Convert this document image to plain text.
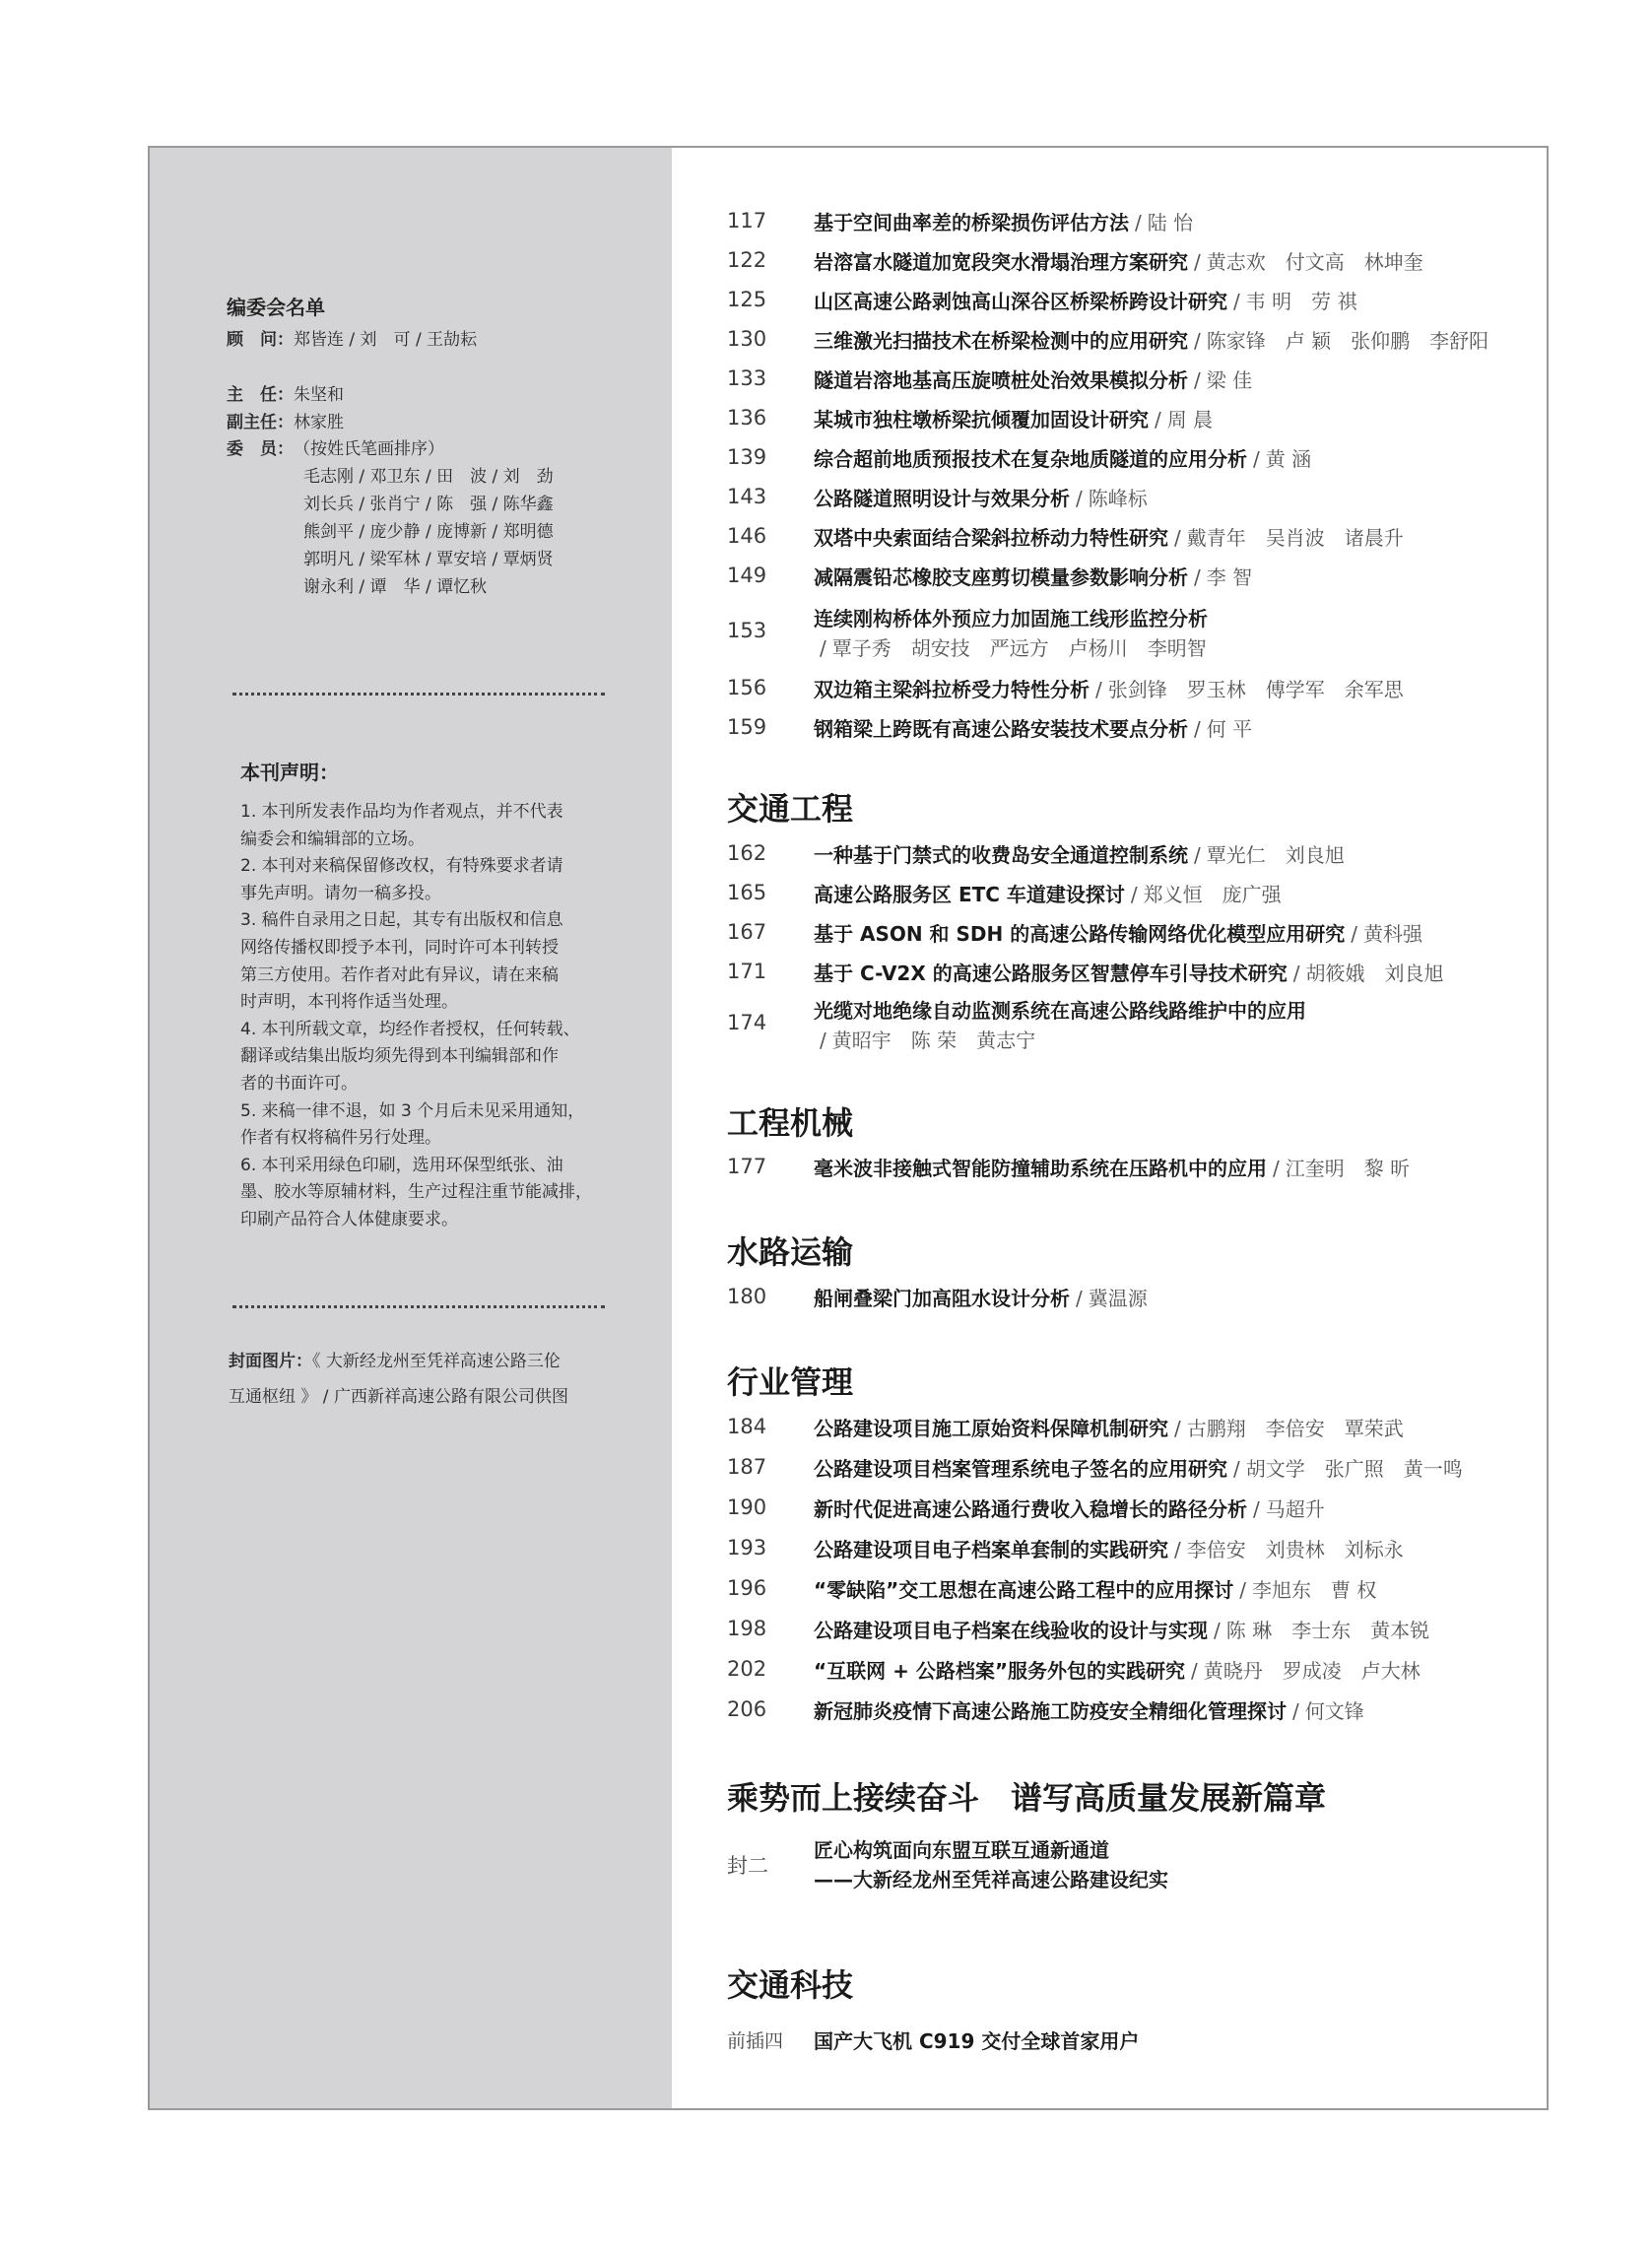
编委会名单
顾　问：郑皆连 / 刘　可 / 王劼耘
主　任：朱坚和
副主任：林家胜
委　员：（按姓氏笔画排序）
毛志刚 / 邓卫东 / 田　波 / 刘　劲
刘长兵 / 张肖宁 / 陈　强 / 陈华鑫
熊剑平 / 庞少静 / 庞博新 / 郑明德
郭明凡 / 梁军林 / 覃安培 / 覃炳贤
谢永利 / 谭　华 / 谭忆秋
本刊声明：

1. 本刊所发表作品均为作者观点，并不代表

编委会和编辑部的立场。

2. 本刊对来稿保留修改权，有特殊要求者请

事先声明。请勿一稿多投。

3. 稿件自录用之日起，其专有出版权和信息

网络传播权即授予本刊，同时许可本刊转授

第三方使用。若作者对此有异议，请在来稿

时声明，本刊将作适当处理。

4. 本刊所载文章，均经作者授权，任何转载、

翻译或结集出版均须先得到本刊编辑部和作

者的书面许可。

5. 来稿一律不退，如 3 个月后未见采用通知，

作者有权将稿件另行处理。

6. 本刊采用绿色印刷，选用环保型纸张、油

墨、胶水等原辅材料，生产过程注重节能减排，

印刷产品符合人体健康要求。

封面图片：《 大新经龙州至凭祥高速公路三伦
互通枢纽 》 / 广西新祥高速公路有限公司供图
117	基于空间曲率差的桥梁损伤评估方法 / 陆 怡
122	岩溶富水隧道加宽段突水滑塌治理方案研究 / 黄志欢　付文高　林坤奎
125	山区高速公路剥蚀高山深谷区桥梁桥跨设计研究 / 韦 明　劳 祺
130	三维激光扫描技术在桥梁检测中的应用研究 / 陈家锋　卢 颖　张仰鹏　李舒阳
133	隧道岩溶地基高压旋喷桩处治效果模拟分析 / 梁 佳
136	某城市独柱墩桥梁抗倾覆加固设计研究 / 周 晨
139	综合超前地质预报技术在复杂地质隧道的应用分析 / 黄 涵
143	公路隧道照明设计与效果分析 / 陈峰标
146	双塔中央索面结合梁斜拉桥动力特性研究 / 戴青年　吴肖波　诸晨升
149	减隔震铅芯橡胶支座剪切模量参数影响分析 / 李 智
153	连续刚构桥体外预应力加固施工线形监控分析
/ 覃子秀　胡安技　严远方　卢杨川　李明智
156	双边箱主梁斜拉桥受力特性分析 / 张剑锋　罗玉林　傅学军　余军思
159	钢箱梁上跨既有高速公路安装技术要点分析 / 何 平
交通工程
162	一种基于门禁式的收费岛安全通道控制系统 / 覃光仁　刘良旭
165	高速公路服务区 ETC 车道建设探讨 / 郑义恒　庞广强
167	基于 ASON 和 SDH 的高速公路传输网络优化模型应用研究 / 黄科强
171	基于 C-V2X 的高速公路服务区智慧停车引导技术研究 / 胡筱娥　刘良旭
174	光缆对地绝缘自动监测系统在高速公路线路维护中的应用
/ 黄昭宇　陈 荣　黄志宁
工程机械
177	毫米波非接触式智能防撞辅助系统在压路机中的应用 / 江奎明　黎 昕
水路运输
180	船闸叠梁门加高阻水设计分析 / 冀温源
行业管理
184	公路建设项目施工原始资料保障机制研究 / 古鹏翔　李倍安　覃荣武
187	公路建设项目档案管理系统电子签名的应用研究 / 胡文学　张广照　黄一鸣
190	新时代促进高速公路通行费收入稳增长的路径分析 / 马超升
193	公路建设项目电子档案单套制的实践研究 / 李倍安　刘贵林　刘标永
196	“零缺陷”交工思想在高速公路工程中的应用探讨 / 李旭东　曹 权
198	公路建设项目电子档案在线验收的设计与实现 / 陈 琳　李士东　黄本锐
202	“互联网 + 公路档案”服务外包的实践研究 / 黄晓丹　罗成凌　卢大林
206	新冠肺炎疫情下高速公路施工防疫安全精细化管理探讨 / 何文锋
乘势而上接续奋斗　谱写高质量发展新篇章
封二
匠心构筑面向东盟互联互通新通道
——大新经龙州至凭祥高速公路建设纪实
交通科技
前插四	国产大飞机 C919 交付全球首家用户
